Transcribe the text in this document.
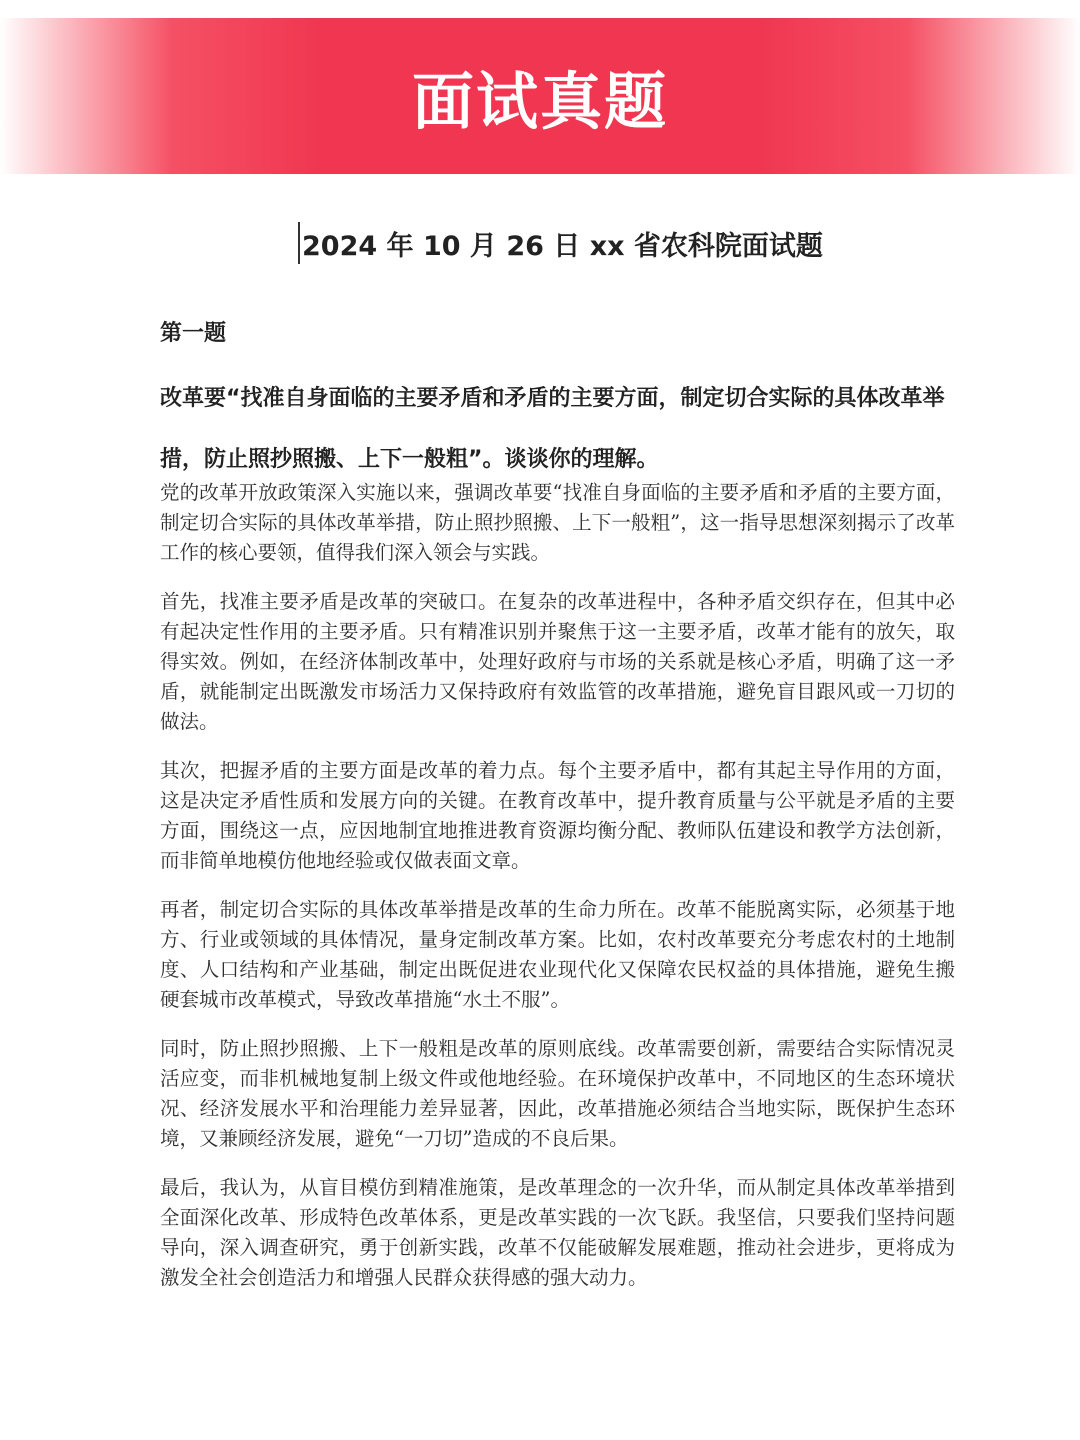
面试真题
2024 年 10 月 26 日 xx 省农科院面试题
第一题
改革要“找准自身面临的主要矛盾和矛盾的主要方面，制定切合实际的具体改革举措，防止照抄照搬、上下一般粗”。谈谈你的理解。

党的改革开放政策深入实施以来，强调改革要“找准自身面临的主要矛盾和矛盾的主要方面，制定切合实际的具体改革举措，防止照抄照搬、上下一般粗”，这一指导思想深刻揭示了改革工作的核心要领，值得我们深入领会与实践。

首先，找准主要矛盾是改革的突破口。在复杂的改革进程中，各种矛盾交织存在，但其中必有起决定性作用的主要矛盾。只有精准识别并聚焦于这一主要矛盾，改革才能有的放矢，取得实效。例如，在经济体制改革中，处理好政府与市场的关系就是核心矛盾，明确了这一矛盾，就能制定出既激发市场活力又保持政府有效监管的改革措施，避免盲目跟风或一刀切的做法。

其次，把握矛盾的主要方面是改革的着力点。每个主要矛盾中，都有其起主导作用的方面，这是决定矛盾性质和发展方向的关键。在教育改革中，提升教育质量与公平就是矛盾的主要方面，围绕这一点，应因地制宜地推进教育资源均衡分配、教师队伍建设和教学方法创新，而非简单地模仿他地经验或仅做表面文章。

再者，制定切合实际的具体改革举措是改革的生命力所在。改革不能脱离实际，必须基于地方、行业或领域的具体情况，量身定制改革方案。比如，农村改革要充分考虑农村的土地制度、人口结构和产业基础，制定出既促进农业现代化又保障农民权益的具体措施，避免生搬硬套城市改革模式，导致改革措施“水土不服”。

同时，防止照抄照搬、上下一般粗是改革的原则底线。改革需要创新，需要结合实际情况灵活应变，而非机械地复制上级文件或他地经验。在环境保护改革中，不同地区的生态环境状况、经济发展水平和治理能力差异显著，因此，改革措施必须结合当地实际，既保护生态环境，又兼顾经济发展，避免“一刀切”造成的不良后果。

最后，我认为，从盲目模仿到精准施策，是改革理念的一次升华，而从制定具体改革举措到全面深化改革、形成特色改革体系，更是改革实践的一次飞跃。我坚信，只要我们坚持问题导向，深入调查研究，勇于创新实践，改革不仅能破解发展难题，推动社会进步，更将成为激发全社会创造活力和增强人民群众获得感的强大动力。
